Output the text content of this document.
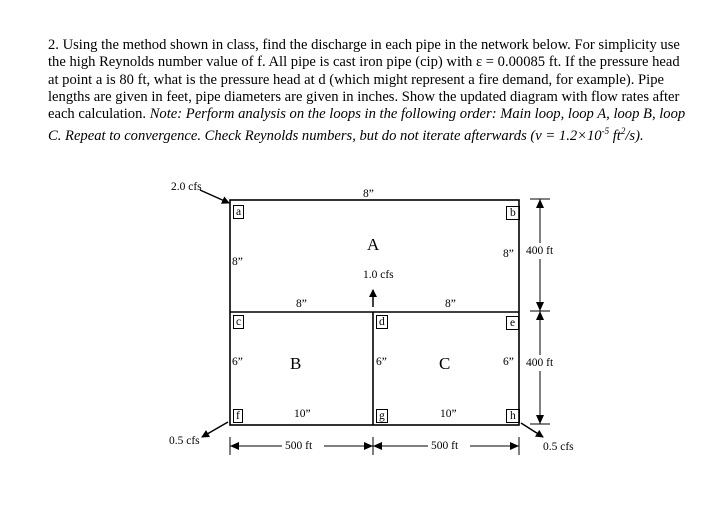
2. Using the method shown in class, find the discharge in each pipe in the network below. For simplicity use the high Reynolds number value of f. All pipe is cast iron pipe (cip) with ε = 0.00085 ft. If the pressure head at point a is 80 ft, what is the pressure head at d (which might represent a fire demand, for example). Pipe lengths are given in feet, pipe diameters are given in inches. Show the updated diagram with flow rates after each calculation. Note: Perform analysis on the loops in the following order: Main loop, loop A, loop B, loop C. Repeat to convergence. Check Reynolds numbers, but do not iterate afterwards ($v = 1.2\times 10^{-5}$ $ft^2/s$).

a	b
c	d	e
f	g	h
A
B	C
2.0 cfs
1.0 cfs
0.5 cfs	0.5 cfs
8”
8”
8”
8”	8”
6”	6”	6”
10”	10”
400 ft
400 ft
500 ft	500 ft
